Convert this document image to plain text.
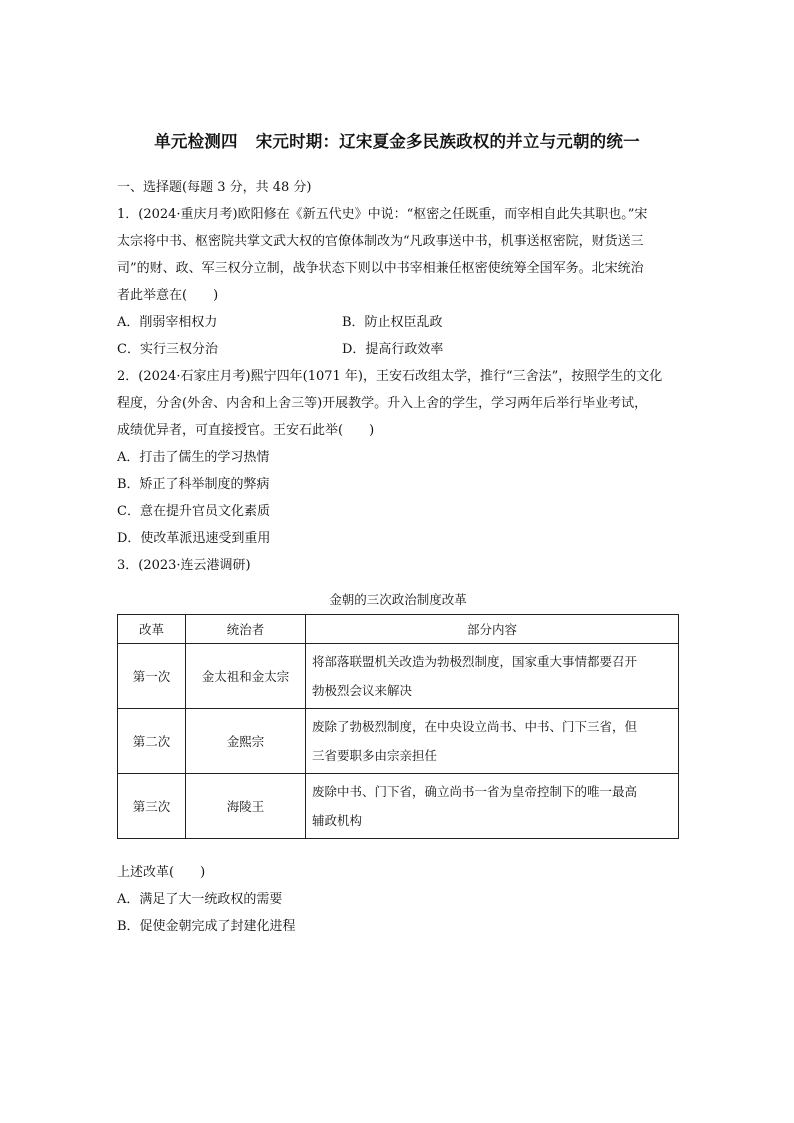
单元检测四 宋元时期：辽宋夏金多民族政权的并立与元朝的统一
一、选择题(每题 3 分，共 48 分)
1．(2024·重庆月考)欧阳修在《新五代史》中说：“枢密之任既重，而宰相自此失其职也。”宋
太宗将中书、枢密院共掌文武大权的官僚体制改为“凡政事送中书，机事送枢密院，财货送三
司”的财、政、军三权分立制，战争状态下则以中书宰相兼任枢密使统筹全国军务。北宋统治
者此举意在(　　)
A．削弱宰相权力	B．防止权臣乱政
C．实行三权分治	D．提高行政效率
2．(2024·石家庄月考)熙宁四年(1071 年)，王安石改组太学，推行“三舍法”，按照学生的文化
程度，分舍(外舍、内舍和上舍三等)开展教学。升入上舍的学生，学习两年后举行毕业考试，
成绩优异者，可直接授官。王安石此举(　　)
A．打击了儒生的学习热情
B．矫正了科举制度的弊病
C．意在提升官员文化素质
D．使改革派迅速受到重用
3．(2023·连云港调研)
金朝的三次政治制度改革
改革	统治者	部分内容
第一次	金太祖和金太宗	将部落联盟机关改造为勃极烈制度，国家重大事情都要召开
勃极烈会议来解决

第二次	金熙宗	废除了勃极烈制度，在中央设立尚书、中书、门下三省，但
三省要职多由宗亲担任

第三次	海陵王	废除中书、门下省，确立尚书一省为皇帝控制下的唯一最高
辅政机构
上述改革(　　)
A．满足了大一统政权的需要
B．促使金朝完成了封建化进程
